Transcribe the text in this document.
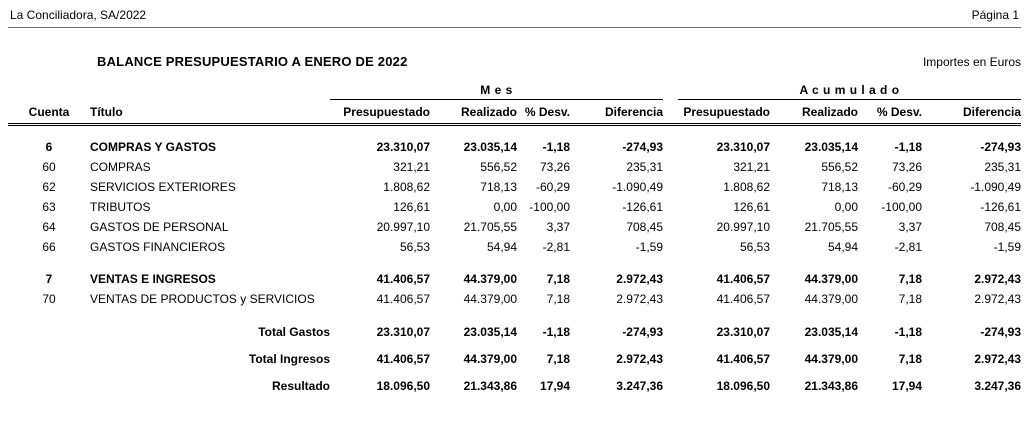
La Conciliadora, SA/2022	Página 1
BALANCE PRESUPUESTARIO A ENERO DE 2022	Importes en Euros
		M e s					A c u m u l a d o			
Cuenta	Título	Presupuestado	Realizado	% Desv.	Diferencia		Presupuestado	Realizado	% Desv.	Diferencia

6	COMPRAS Y GASTOS	23.310,07	23.035,14	-1,18	-274,93		23.310,07	23.035,14	-1,18	-274,93
60	COMPRAS	321,21	556,52	73,26	235,31		321,21	556,52	73,26	235,31
62	SERVICIOS EXTERIORES	1.808,62	718,13	-60,29	-1.090,49		1.808,62	718,13	-60,29	-1.090,49
63	TRIBUTOS	126,61	0,00	-100,00	-126,61		126,61	0,00	-100,00	-126,61
64	GASTOS DE PERSONAL	20.997,10	21.705,55	3,37	708,45		20.997,10	21.705,55	3,37	708,45
66	GASTOS FINANCIEROS	56,53	54,94	-2,81	-1,59		56,53	54,94	-2,81	-1,59

7	VENTAS E INGRESOS	41.406,57	44.379,00	7,18	2.972,43		41.406,57	44.379,00	7,18	2.972,43
70	VENTAS DE PRODUCTOS y SERVICIOS	41.406,57	44.379,00	7,18	2.972,43		41.406,57	44.379,00	7,18	2.972,43

	Total Gastos	23.310,07	23.035,14	-1,18	-274,93		23.310,07	23.035,14	-1,18	-274,93
	Total Ingresos	41.406,57	44.379,00	7,18	2.972,43		41.406,57	44.379,00	7,18	2.972,43
	Resultado	18.096,50	21.343,86	17,94	3.247,36		18.096,50	21.343,86	17,94	3.247,36
